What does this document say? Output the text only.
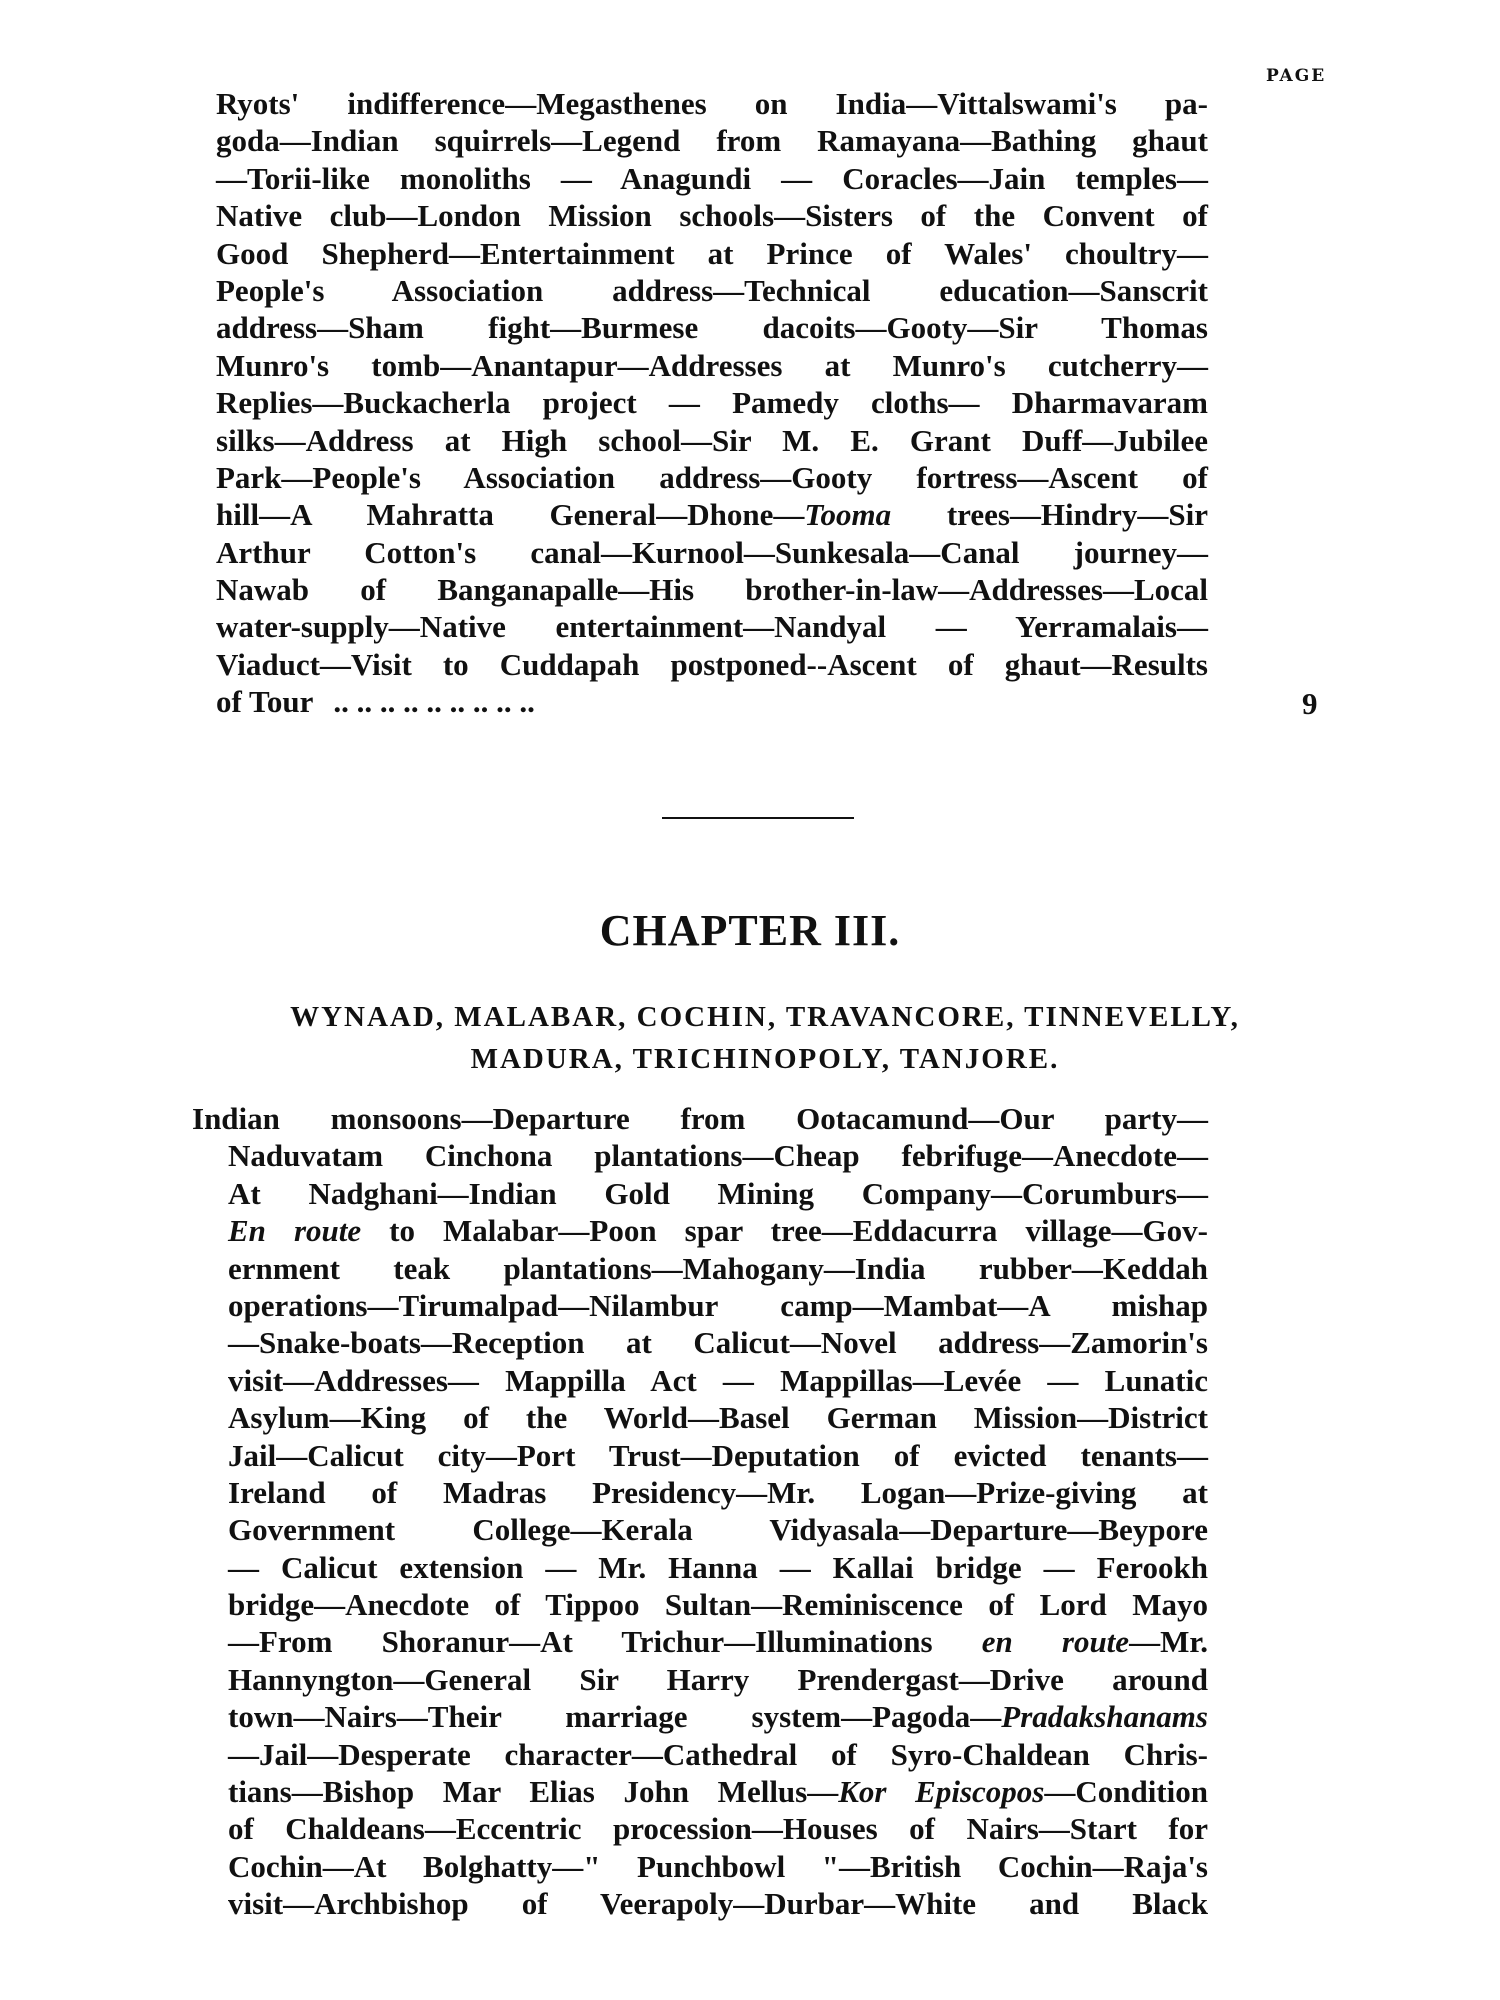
PAGE
Ryots' indifference—Megasthenes on India—Vittalswami's pa-
goda—Indian squirrels—Legend from Ramayana—Bathing ghaut
—Torii-like monoliths — Anagundi — Coracles—Jain temples—
Native club—London Mission schools—Sisters of the Convent of
Good Shepherd—Entertainment at Prince of Wales' choultry—
People's Association address—Technical education—Sanscrit
address—Sham fight—Burmese dacoits—Gooty—Sir Thomas
Munro's tomb—Anantapur—Addresses at Munro's cutcherry—
Replies—Buckacherla project — Pamedy cloths— Dharmavaram
silks—Address at High school—Sir M. E. Grant Duff—Jubilee
Park—People's Association address—Gooty fortress—Ascent of
hill—A Mahratta General—Dhone—Tooma trees—Hindry—Sir
Arthur Cotton's canal—Kurnool—Sunkesala—Canal journey—
Nawab of Banganapalle—His brother-in-law—Addresses—Local
water-supply—Native entertainment—Nandyal — Yerramalais—
Viaduct—Visit to Cuddapah postponed--Ascent of ghaut—Results
of Tour .. .. .. .. .. .. .. .. ..	9
CHAPTER III.
WYNAAD, MALABAR, COCHIN, TRAVANCORE, TINNEVELLY,
MADURA, TRICHINOPOLY, TANJORE.
Indian monsoons—Departure from Ootacamund—Our party—
Naduvatam Cinchona plantations—Cheap febrifuge—Anecdote—
At Nadghani—Indian Gold Mining Company—Corumburs—
En route to Malabar—Poon spar tree—Eddacurra village—Gov-
ernment teak plantations—Mahogany—India rubber—Keddah
operations—Tirumalpad—Nilambur camp—Mambat—A mishap
—Snake-boats—Reception at Calicut—Novel address—Zamorin's
visit—Addresses— Mappilla Act — Mappillas—Levée — Lunatic
Asylum—King of the World—Basel German Mission—District
Jail—Calicut city—Port Trust—Deputation of evicted tenants—
Ireland of Madras Presidency—Mr. Logan—Prize-giving at
Government College—Kerala Vidyasala—Departure—Beypore
— Calicut extension — Mr. Hanna — Kallai bridge — Ferookh
bridge—Anecdote of Tippoo Sultan—Reminiscence of Lord Mayo
—From Shoranur—At Trichur—Illuminations en route—Mr.
Hannyngton—General Sir Harry Prendergast—Drive around
town—Nairs—Their marriage system—Pagoda—Pradakshanams
—Jail—Desperate character—Cathedral of Syro-Chaldean Chris-
tians—Bishop Mar Elias John Mellus—Kor Episcopos—Condition
of Chaldeans—Eccentric procession—Houses of Nairs—Start for
Cochin—At Bolghatty—" Punchbowl "—British Cochin—Raja's
visit—Archbishop of Veerapoly—Durbar—White and Black
